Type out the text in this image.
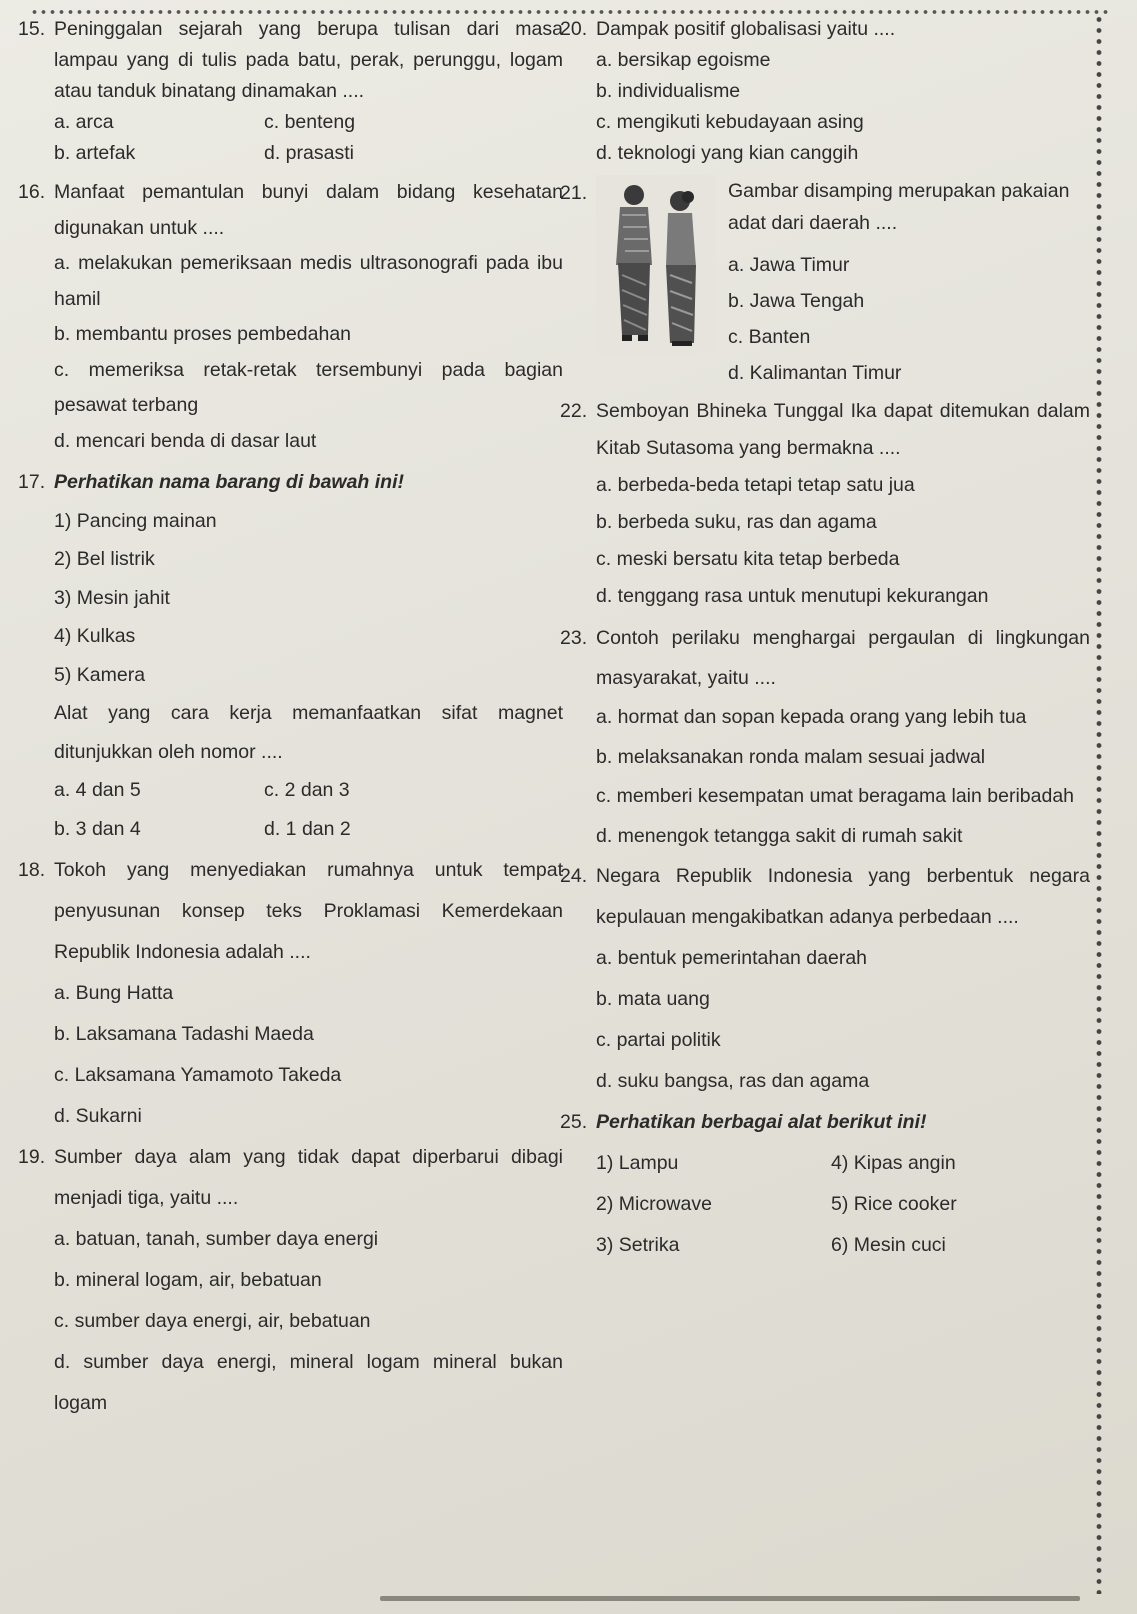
15. Peninggalan sejarah yang berupa tulisan dari masa lampau yang di tulis pada batu, perak, perunggu, logam atau tanduk binatang dinamakan ....
a. arca	c. benteng
b. artefak	d. prasasti
16. Manfaat pemantulan bunyi dalam bidang kesehatan digunakan untuk ....
a. melakukan pemeriksaan medis ultrasonografi pada ibu hamil
b. membantu proses pembedahan
c. memeriksa retak-retak tersembunyi pada bagian pesawat terbang
d. mencari benda di dasar laut
17. Perhatikan nama barang di bawah ini!
1) Pancing mainan
2) Bel listrik
3) Mesin jahit
4) Kulkas
5) Kamera
Alat yang cara kerja memanfaatkan sifat magnet ditunjukkan oleh nomor ....
a. 4 dan 5	c. 2 dan 3
b. 3 dan 4	d. 1 dan 2
18. Tokoh yang menyediakan rumahnya untuk tempat penyusunan konsep teks Proklamasi Kemerdekaan Republik Indonesia adalah ....
a. Bung Hatta
b. Laksamana Tadashi Maeda
c. Laksamana Yamamoto Takeda
d. Sukarni
19. Sumber daya alam yang tidak dapat diperbarui dibagi menjadi tiga, yaitu ....
a. batuan, tanah, sumber daya energi
b. mineral logam, air, bebatuan
c. sumber daya energi, air, bebatuan
d. sumber daya energi, mineral logam mineral bukan logam
20. Dampak positif globalisasi yaitu ....
a. bersikap egoisme
b. individualisme
c. mengikuti kebudayaan asing
d. teknologi yang kian canggih
21.	Gambar disamping merupakan pakaian adat dari daerah ....
a. Jawa Timur
b. Jawa Tengah
c. Banten
d. Kalimantan Timur
22. Semboyan Bhineka Tunggal Ika dapat ditemukan dalam Kitab Sutasoma yang bermakna ....
a. berbeda-beda tetapi tetap satu jua
b. berbeda suku, ras dan agama
c. meski bersatu kita tetap berbeda
d. tenggang rasa untuk menutupi kekurangan
23. Contoh perilaku menghargai pergaulan di lingkungan masyarakat, yaitu ....
a. hormat dan sopan kepada orang yang lebih tua
b. melaksanakan ronda malam sesuai jadwal
c. memberi kesempatan umat beragama lain beribadah
d. menengok tetangga sakit di rumah sakit
24. Negara Republik Indonesia yang berbentuk negara kepulauan mengakibatkan adanya perbedaan ....
a. bentuk pemerintahan daerah
b. mata uang
c. partai politik
d. suku bangsa, ras dan agama
25. Perhatikan berbagai alat berikut ini!
1) Lampu	4) Kipas angin
2) Microwave	5) Rice cooker
3) Setrika	6) Mesin cuci
